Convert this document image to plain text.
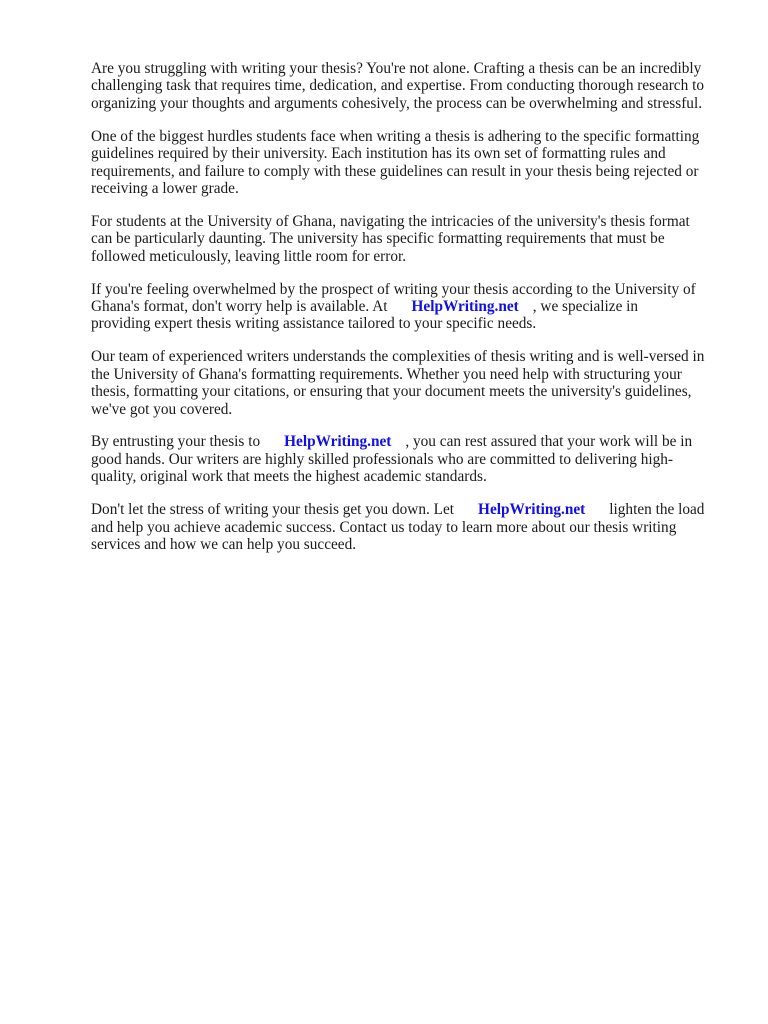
Are you struggling with writing your thesis? You're not alone. Crafting a thesis can be an incredibly
challenging task that requires time, dedication, and expertise. From conducting thorough research to
organizing your thoughts and arguments cohesively, the process can be overwhelming and stressful.

One of the biggest hurdles students face when writing a thesis is adhering to the specific formatting
guidelines required by their university. Each institution has its own set of formatting rules and
requirements, and failure to comply with these guidelines can result in your thesis being rejected or
receiving a lower grade.

For students at the University of Ghana, navigating the intricacies of the university's thesis format
can be particularly daunting. The university has specific formatting requirements that must be
followed meticulously, leaving little room for error.

If you're feeling overwhelmed by the prospect of writing your thesis according to the University of
Ghana's format, don't worry help is available. At HelpWriting.net , we specialize in
providing expert thesis writing assistance tailored to your specific needs.

Our team of experienced writers understands the complexities of thesis writing and is well-versed in
the University of Ghana's formatting requirements. Whether you need help with structuring your
thesis, formatting your citations, or ensuring that your document meets the university's guidelines,
we've got you covered.

By entrusting your thesis to HelpWriting.net , you can rest assured that your work will be in
good hands. Our writers are highly skilled professionals who are committed to delivering high-
quality, original work that meets the highest academic standards.

Don't let the stress of writing your thesis get you down. Let HelpWriting.net lighten the load
and help you achieve academic success. Contact us today to learn more about our thesis writing
services and how we can help you succeed.
